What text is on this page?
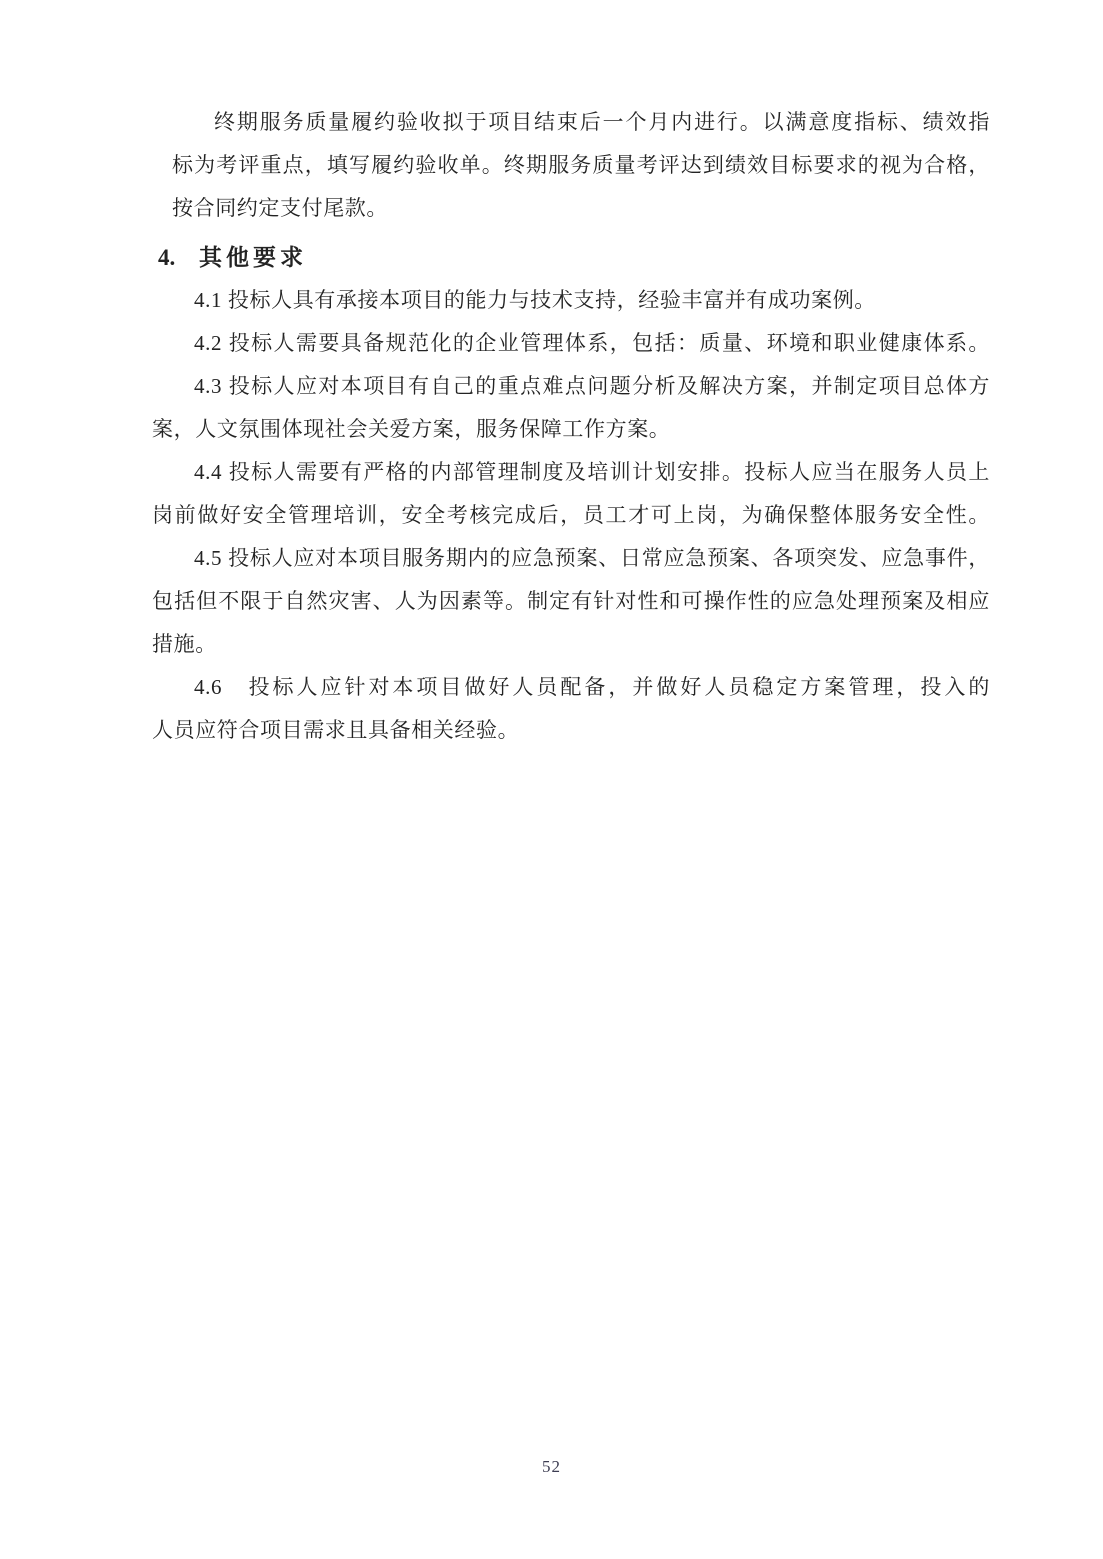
终期服务质量履约验收拟于项目结束后一个月内进行。以满意度指标、绩效指
标为考评重点，填写履约验收单。终期服务质量考评达到绩效目标要求的视为合格，
按合同约定支付尾款。
4.	其他要求
4.1 投标人具有承接本项目的能力与技术支持，经验丰富并有成功案例。
4.2 投标人需要具备规范化的企业管理体系，包括：质量、环境和职业健康体系。
4.3 投标人应对本项目有自己的重点难点问题分析及解决方案，并制定项目总体方
案，人文氛围体现社会关爱方案，服务保障工作方案。
4.4 投标人需要有严格的内部管理制度及培训计划安排。投标人应当在服务人员上
岗前做好安全管理培训，安全考核完成后，员工才可上岗，为确保整体服务安全性。
4.5 投标人应对本项目服务期内的应急预案、日常应急预案、各项突发、应急事件，
包括但不限于自然灾害、人为因素等。制定有针对性和可操作性的应急处理预案及相应
措施。
4.6　投标人应针对本项目做好人员配备，并做好人员稳定方案管理，投入的
人员应符合项目需求且具备相关经验。
52
